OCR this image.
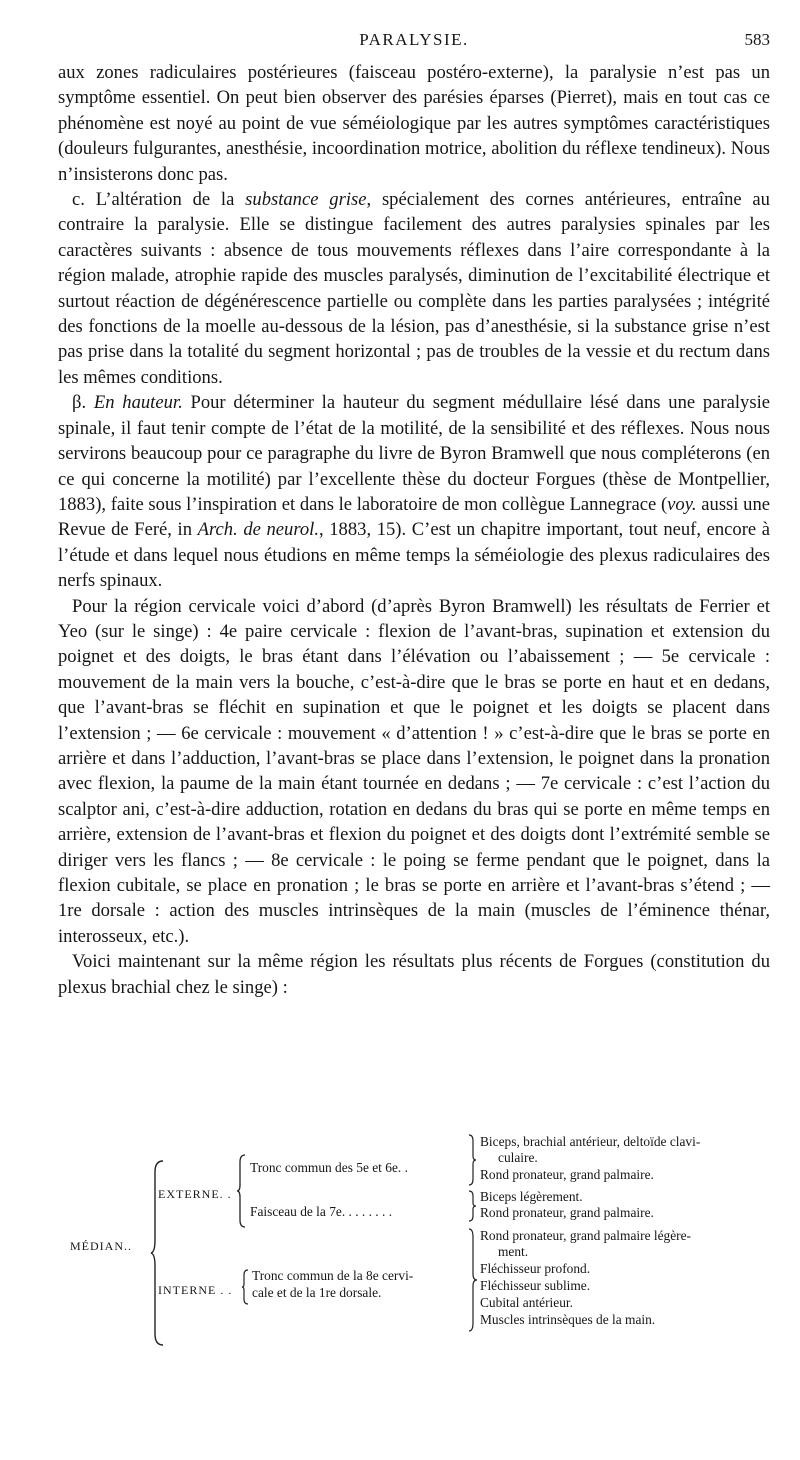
PARALYSIE.	583

aux zones radiculaires postérieures (faisceau postéro-externe), la paralysie n’est pas un symptôme essentiel. On peut bien observer des parésies éparses (Pierret), mais en tout cas ce phénomène est noyé au point de vue séméiologique par les autres symptômes caractéristiques (douleurs fulgurantes, anesthésie, incoordination motrice, abolition du réflexe tendineux). Nous n’insisterons donc pas.

c. L’altération de la substance grise, spécialement des cornes antérieures, entraîne au contraire la paralysie. Elle se distingue facilement des autres paralysies spinales par les caractères suivants : absence de tous mouvements réflexes dans l’aire correspondante à la région malade, atrophie rapide des muscles paralysés, diminution de l’excitabilité électrique et surtout réaction de dégénérescence partielle ou complète dans les parties paralysées ; intégrité des fonctions de la moelle au-dessous de la lésion, pas d’anesthésie, si la substance grise n’est pas prise dans la totalité du segment horizontal ; pas de troubles de la vessie et du rectum dans les mêmes conditions.

β. En hauteur. Pour déterminer la hauteur du segment médullaire lésé dans une paralysie spinale, il faut tenir compte de l’état de la motilité, de la sensibilité et des réflexes. Nous nous servirons beaucoup pour ce paragraphe du livre de Byron Bramwell que nous compléterons (en ce qui concerne la motilité) par l’excellente thèse du docteur Forgues (thèse de Montpellier, 1883), faite sous l’inspiration et dans le laboratoire de mon collègue Lannegrace (voy. aussi une Revue de Feré, in Arch. de neurol., 1883, 15). C’est un chapitre important, tout neuf, encore à l’étude et dans lequel nous étudions en même temps la séméiologie des plexus radiculaires des nerfs spinaux.

Pour la région cervicale voici d’abord (d’après Byron Bramwell) les résultats de Ferrier et Yeo (sur le singe) : 4e paire cervicale : flexion de l’avant-bras, supination et extension du poignet et des doigts, le bras étant dans l’élévation ou l’abaissement ; — 5e cervicale : mouvement de la main vers la bouche, c’est-à-dire que le bras se porte en haut et en dedans, que l’avant-bras se fléchit en supination et que le poignet et les doigts se placent dans l’extension ; — 6e cervicale : mouvement « d’attention ! » c’est-à-dire que le bras se porte en arrière et dans l’adduction, l’avant-bras se place dans l’extension, le poignet dans la pronation avec flexion, la paume de la main étant tournée en dedans ; — 7e cervicale : c’est l’action du scalptor ani, c’est-à-dire adduction, rotation en dedans du bras qui se porte en même temps en arrière, extension de l’avant-bras et flexion du poignet et des doigts dont l’extrémité semble se diriger vers les flancs ; — 8e cervicale : le poing se ferme pendant que le poignet, dans la flexion cubitale, se place en pronation ; le bras se porte en arrière et l’avant-bras s’étend ; — 1re dorsale : action des muscles intrinsèques de la main (muscles de l’éminence thénar, interosseux, etc.).

Voici maintenant sur la même région les résultats plus récents de Forgues (constitution du plexus brachial chez le singe) :

MÉDIAN..
EXTERNE. .
Tronc commun des 5e et 6e. .
Faisceau de la 7e. . . . . . . .
INTERNE . .
Tronc commun de la 8e cervi-
cale et de la 1re dorsale.
Biceps, brachial antérieur, deltoïde clavi-
culaire.
Rond pronateur, grand palmaire.
Biceps légèrement.
Rond pronateur, grand palmaire.
Rond pronateur, grand palmaire légère-
ment.
Fléchisseur profond.
Fléchisseur sublime.
Cubital antérieur.
Muscles intrinsèques de la main.
